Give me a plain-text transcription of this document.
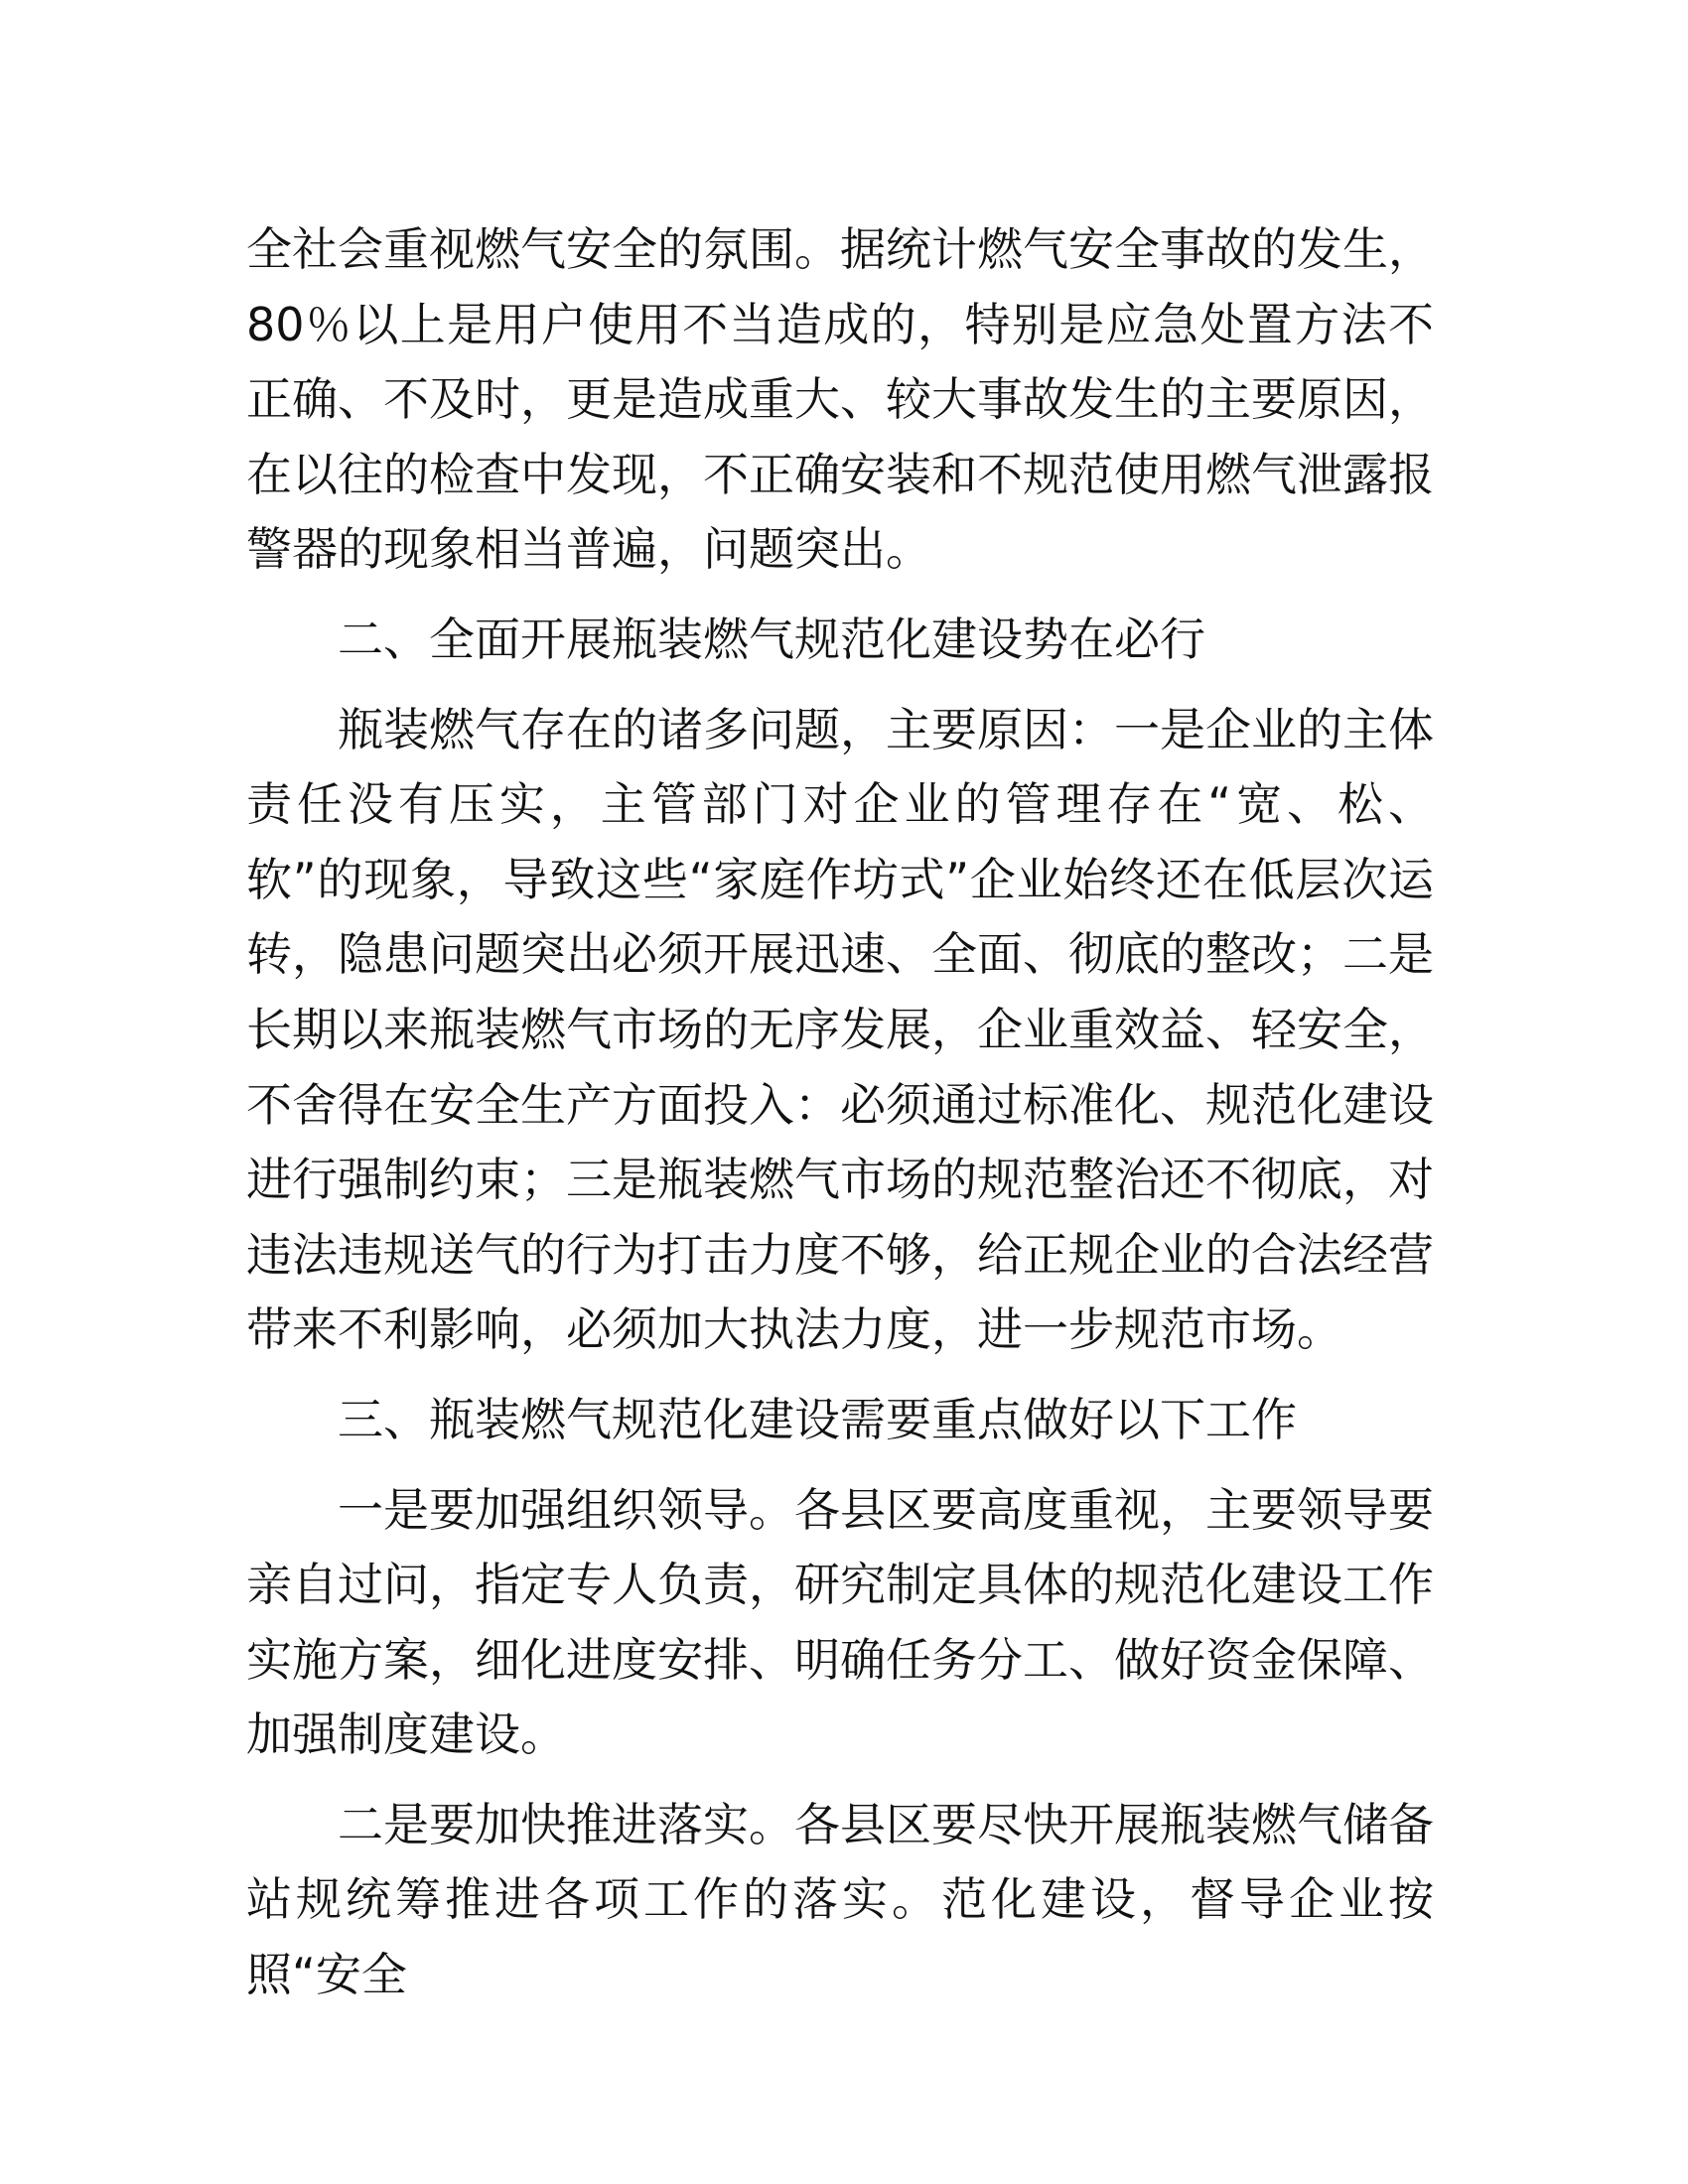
全社会重视燃气安全的氛围。据统计燃气安全事故的发生，80％以上是用户使用不当造成的，特别是应急处置方法不正确、不及时，更是造成重大、较大事故发生的主要原因，在以往的检查中发现，不正确安装和不规范使用燃气泄露报警器的现象相当普遍，问题突出。

二、全面开展瓶装燃气规范化建设势在必行

瓶装燃气存在的诸多问题，主要原因：一是企业的主体责任没有压实，主管部门对企业的管理存在“宽、松、软”的现象，导致这些“家庭作坊式”企业始终还在低层次运转，隐患问题突出必须开展迅速、全面、彻底的整改；二是长期以来瓶装燃气市场的无序发展，企业重效益、轻安全，不舍得在安全生产方面投入：必须通过标准化、规范化建设进行强制约束；三是瓶装燃气市场的规范整治还不彻底，对违法违规送气的行为打击力度不够，给正规企业的合法经营带来不利影响，必须加大执法力度，进一步规范市场。

三、瓶装燃气规范化建设需要重点做好以下工作

一是要加强组织领导。各县区要高度重视，主要领导要亲自过问，指定专人负责，研究制定具体的规范化建设工作实施方案，细化进度安排、明确任务分工、做好资金保障、加强制度建设。

二是要加快推进落实。各县区要尽快开展瓶装燃气储备站规统筹推进各项工作的落实。范化建设，督导企业按照“安全
